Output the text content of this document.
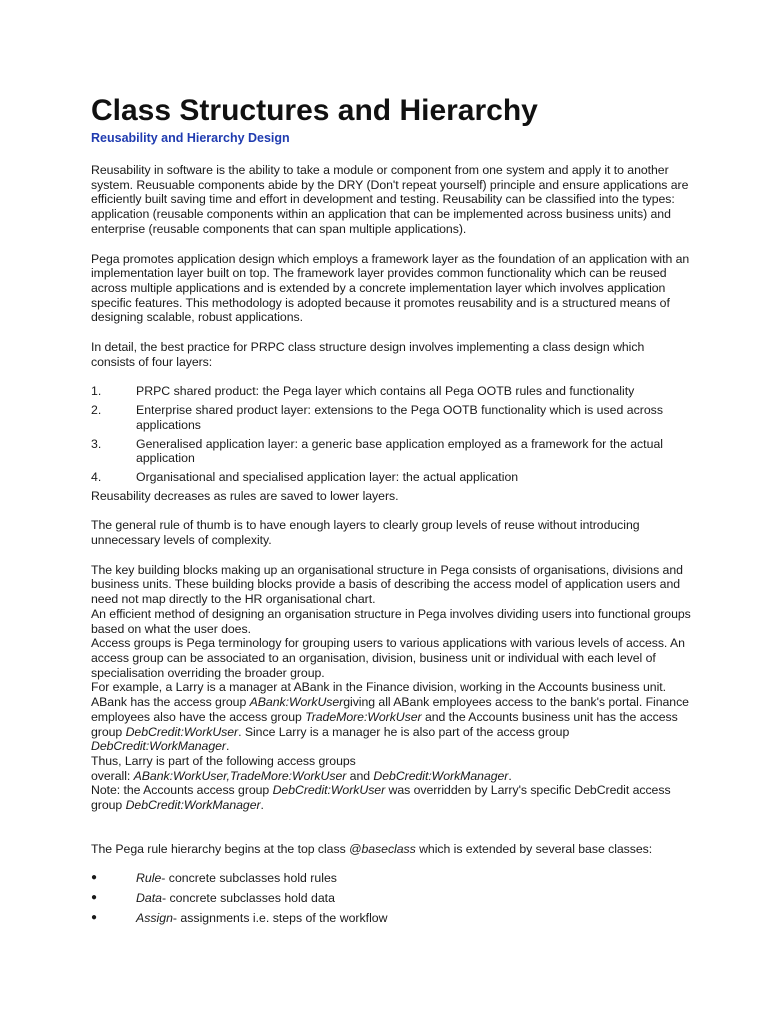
Class Structures and Hierarchy
Reusability and Hierarchy Design

Reusability in software is the ability to take a module or component from one system and apply it to another system. Reusuable components abide by the DRY (Don't repeat yourself) principle and ensure applications are efficiently built saving time and effort in development and testing. Reusability can be classified into the types: application (reusable components within an application that can be implemented across business units) and enterprise (reusable components that can span multiple applications).

Pega promotes application design which employs a framework layer as the foundation of an application with an implementation layer built on top. The framework layer provides common functionality which can be reused across multiple applications and is extended by a concrete implementation layer which involves application specific features. This methodology is adopted because it promotes reusability and is a structured means of designing scalable, robust applications.

In detail, the best practice for PRPC class structure design involves implementing a class design which consists of four layers:

1.	PRPC shared product: the Pega layer which contains all Pega OOTB rules and functionality

2.	Enterprise shared product layer: extensions to the Pega OOTB functionality which is used across applications

3.	Generalised application layer: a generic base application employed as a framework for the actual application

4.	Organisational and specialised application layer: the actual application

Reusability decreases as rules are saved to lower layers.

The general rule of thumb is to have enough layers to clearly group levels of reuse without introducing unnecessary levels of complexity.

The key building blocks making up an organisational structure in Pega consists of organisations, divisions and business units. These building blocks provide a basis of describing the access model of application users and need not map directly to the HR organisational chart.

An efficient method of designing an organisation structure in Pega involves dividing users into functional groups based on what the user does.

Access groups is Pega terminology for grouping users to various applications with various levels of access. An access group can be associated to an organisation, division, business unit or individual with each level of specialisation overriding the broader group.

For example, a Larry is a manager at ABank in the Finance division, working in the Accounts business unit. ABank has the access group ABank:WorkUsergiving all ABank employees access to the bank's portal. Finance employees also have the access group TradeMore:WorkUser and the Accounts business unit has the access group DebCredit:WorkUser. Since Larry is a manager he is also part of the access group DebCredit:WorkManager.

Thus, Larry is part of the following access groups
overall: ABank:WorkUser,TradeMore:WorkUser and DebCredit:WorkManager.

Note: the Accounts access group DebCredit:WorkUser was overridden by Larry's specific DebCredit access group DebCredit:WorkManager.

The Pega rule hierarchy begins at the top class @baseclass which is extended by several base classes:

●	Rule- concrete subclasses hold rules

●	Data- concrete subclasses hold data

●	Assign- assignments i.e. steps of the workflow
